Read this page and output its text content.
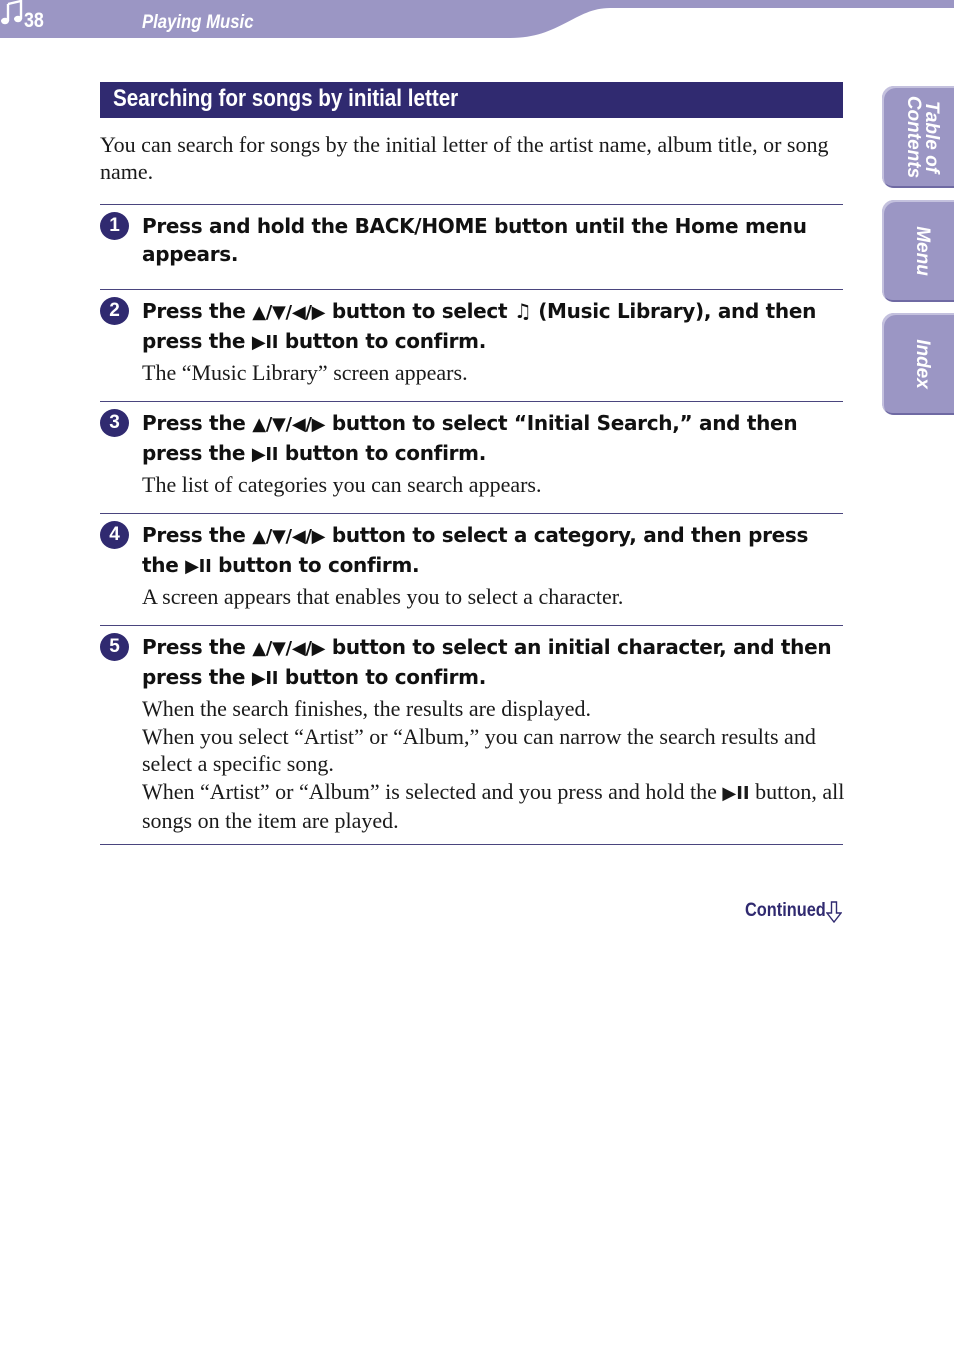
38	Playing Music
Table of
Contents
Menu
Index
Searching for songs by initial letter
You can search for songs by the initial letter of the artist name, album title, or song name.
1	Press and hold the BACK/HOME button until the Home menu appears.
2	Press the ▲/▼/◀/▶ button to select ♫ (Music Library), and then press the ▶II button to confirm.
The “Music Library” screen appears.
3	Press the ▲/▼/◀/▶ button to select “Initial Search,” and then press the ▶II button to confirm.
The list of categories you can search appears.
4	Press the ▲/▼/◀/▶ button to select a category, and then press the ▶II button to confirm.
A screen appears that enables you to select a character.
5	Press the ▲/▼/◀/▶ button to select an initial character, and then press the ▶II button to confirm.
When the search finishes, the results are displayed.
When you select “Artist” or “Album,” you can narrow the search results and select a specific song.
When “Artist” or “Album” is selected and you press and hold the ▶II button, all songs on the item are played.
Continued
